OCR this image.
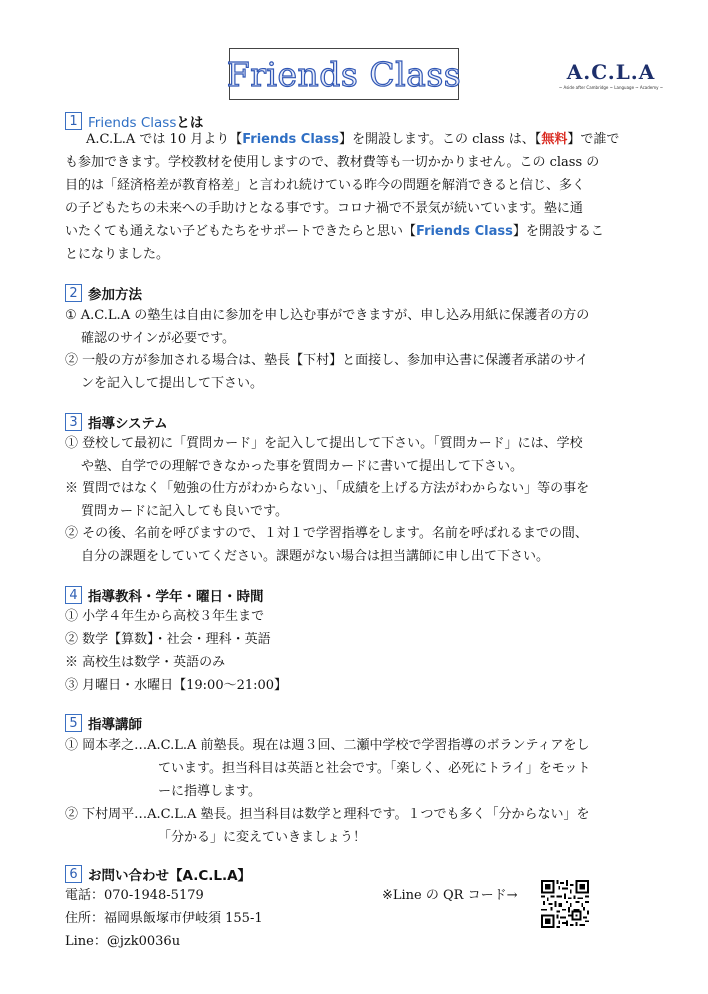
Friends Class	A.C.L.A
~ Aside after Cambridge ~ Language ~ Academy ~
1 Friends Classとは
A.C.L.A では 10 月より【Friends Class】を開設します。この class は、【無料】で誰で
も参加できます。学校教材を使用しますので、教材費等も一切かかりません。この class の
目的は「経済格差が教育格差」と言われ続けている昨今の問題を解消できると信じ、多く
の子どもたちの未来への手助けとなる事です。コロナ禍で不景気が続いています。塾に通
いたくても通えない子どもたちをサポートできたらと思い【Friends Class】を開設するこ
とになりました。
2 参加方法
① A.C.L.A の塾生は自由に参加を申し込む事ができますが、申し込み用紙に保護者の方の
確認のサインが必要です。
② 一般の方が参加される場合は、塾長【下村】と面接し、参加申込書に保護者承諾のサイ
ンを記入して提出して下さい。
3 指導システム
① 登校して最初に「質問カード」を記入して提出して下さい。「質問カード」には、学校
や塾、自学での理解できなかった事を質問カードに書いて提出して下さい。
※ 質問ではなく「勉強の仕方がわからない」、「成績を上げる方法がわからない」等の事を
質問カードに記入しても良いです。
② その後、名前を呼びますので、１対１で学習指導をします。名前を呼ばれるまでの間、
自分の課題をしていてください。課題がない場合は担当講師に申し出て下さい。
4 指導教科・学年・曜日・時間
① 小学４年生から高校３年生まで
② 数学【算数】・社会・理科・英語
※ 高校生は数学・英語のみ
③ 月曜日・水曜日【19:00～21:00】
5 指導講師
① 岡本孝之…A.C.L.A 前塾長。現在は週３回、二瀬中学校で学習指導のボランティアをし
ています。担当科目は英語と社会です。「楽しく、必死にトライ」をモット
ーに指導します。
② 下村周平…A.C.L.A 塾長。担当科目は数学と理科です。１つでも多く「分からない」を
「分かる」に変えていきましょう！
6 お問い合わせ【A.C.L.A】
電話：070-1948-5179
住所：福岡県飯塚市伊岐須 155-1
Line：@jzk0036u
※Line の QR コード→
